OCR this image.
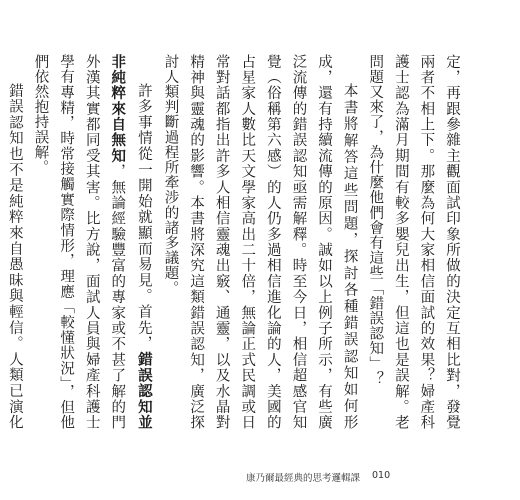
定，再跟參雜主觀面試印象所做的決定互相比對，發覺兩者不相上下。那麼為何大家相信面試的效果？婦產科護士認為滿月期間有較多嬰兒出生，但這也是誤解。老問題又來了，為什麼他們會有這些「錯誤認知」？

本書將解答這些問題，探討各種錯誤認知如何形成，還有持續流傳的原因。誠如以上例子所示，有些廣泛流傳的錯誤認知亟需解釋。時至今日，相信超感官知覺（俗稱第六感）的人仍多過相信進化論的人，美國的占星家人數比天文學家高出二十倍，無論正式民調或日常對話都指出許多人相信靈魂出竅、通靈，以及水晶對精神與靈魂的影響。本書將深究這類錯誤認知，廣泛探討人類判斷過程所牽涉的諸多議題。

許多事情從一開始就顯而易見。首先，錯誤認知並非純粹來自無知，無論經驗豐富的專家或不甚了解的門外漢其實都同受其害。比方說，面試人員與婦產科護士學有專精，時常接觸實際情形，理應「較懂狀況」，但他們依然抱持誤解。

錯誤認知也不是純粹來自愚昧與輕信。人類已演化

康乃爾最經典的思考邏輯課 010
